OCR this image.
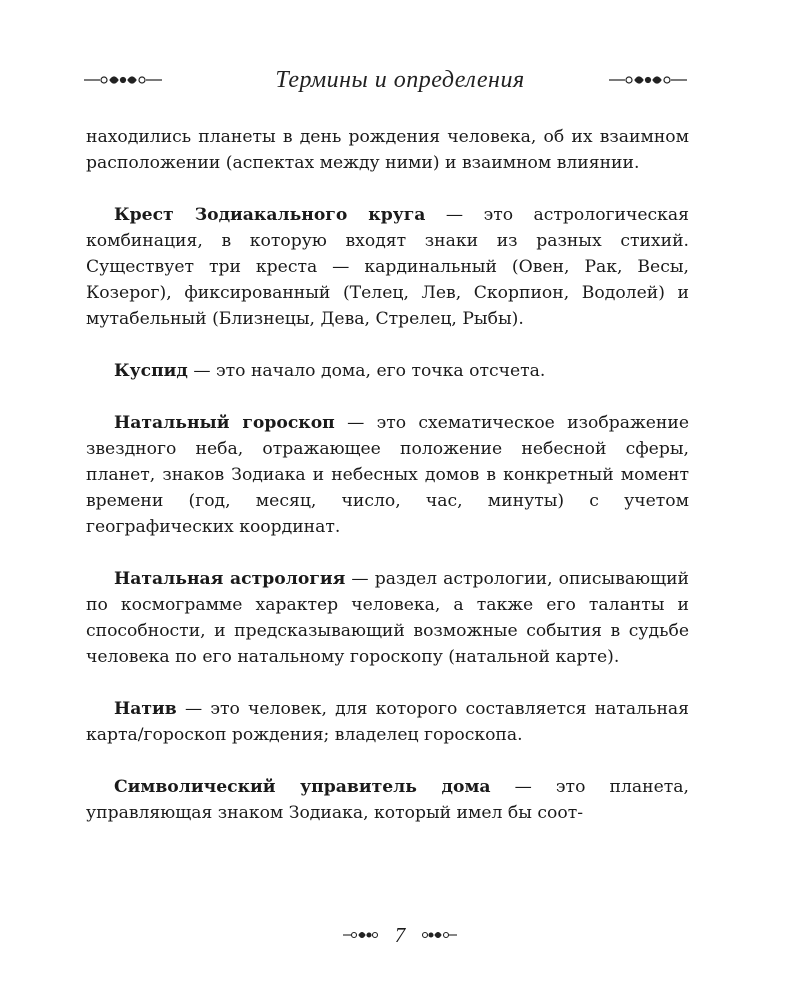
Термины и определения

находились планеты в день рождения человека, об их взаимном расположении (аспектах между ними) и взаимном влиянии.

Крест Зодиакального круга — это астрологическая комбинация, в которую входят знаки из разных стихий. Существует три креста — кардинальный (Овен, Рак, Весы, Козерог), фиксированный (Телец, Лев, Скорпион, Водолей) и мутабельный (Близнецы, Дева, Стрелец, Рыбы).

Куспид — это начало дома, его точка отсчета.

Натальный гороскоп — это схематическое изображение звездного неба, отражающее положение небесной сферы, планет, знаков Зодиака и небесных домов в конкретный момент времени (год, месяц, число, час, минуты) с учетом географических координат.

Натальная астрология — раздел астрологии, описывающий по космограмме характер человека, а также его таланты и способности, и предсказывающий возможные события в судьбе человека по его натальному гороскопу (натальной карте).

Натив — это человек, для которого составляется натальная карта/гороскоп рождения; владелец гороскопа.

Символический управитель дома — это планета, управляющая знаком Зодиака, который имел бы соот-

7
